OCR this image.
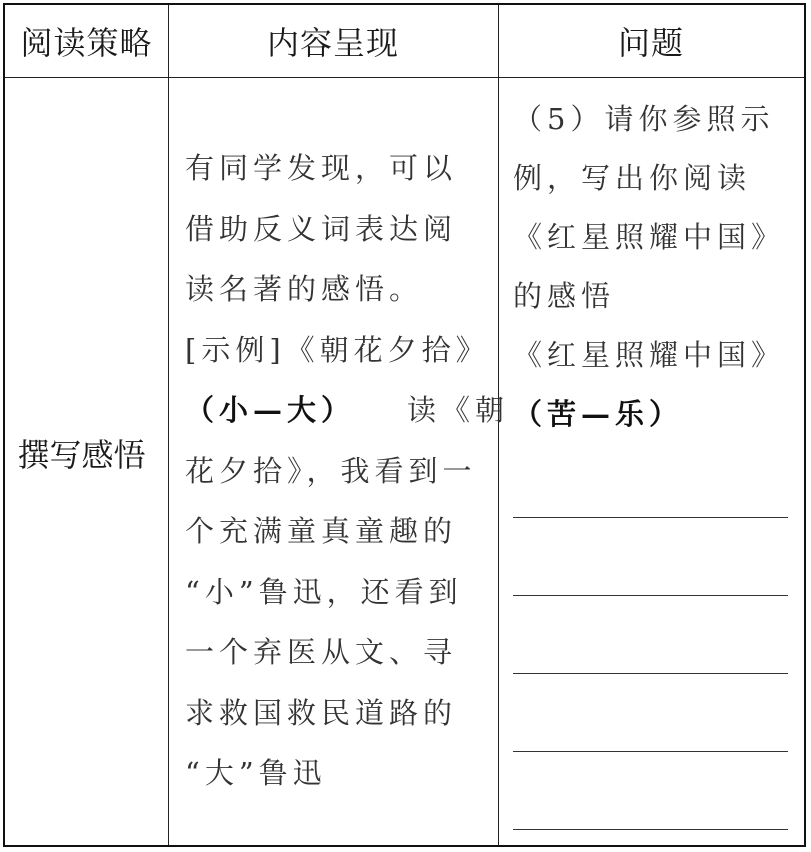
阅读策略	内容呈现	问题
撰写感悟
有同学发现，可以
借助反义词表达阅
读名著的感悟。
[示例]《朝花夕拾》
（小—大） 读《朝
花夕拾》，我看到一
个充满童真童趣的
“小”鲁迅，还看到
一个弃医从文、寻
求救国救民道路的
“大”鲁迅
（5）请你参照示
例，写出你阅读
《红星照耀中国》
的感悟
《红星照耀中国》
（苦—乐）
